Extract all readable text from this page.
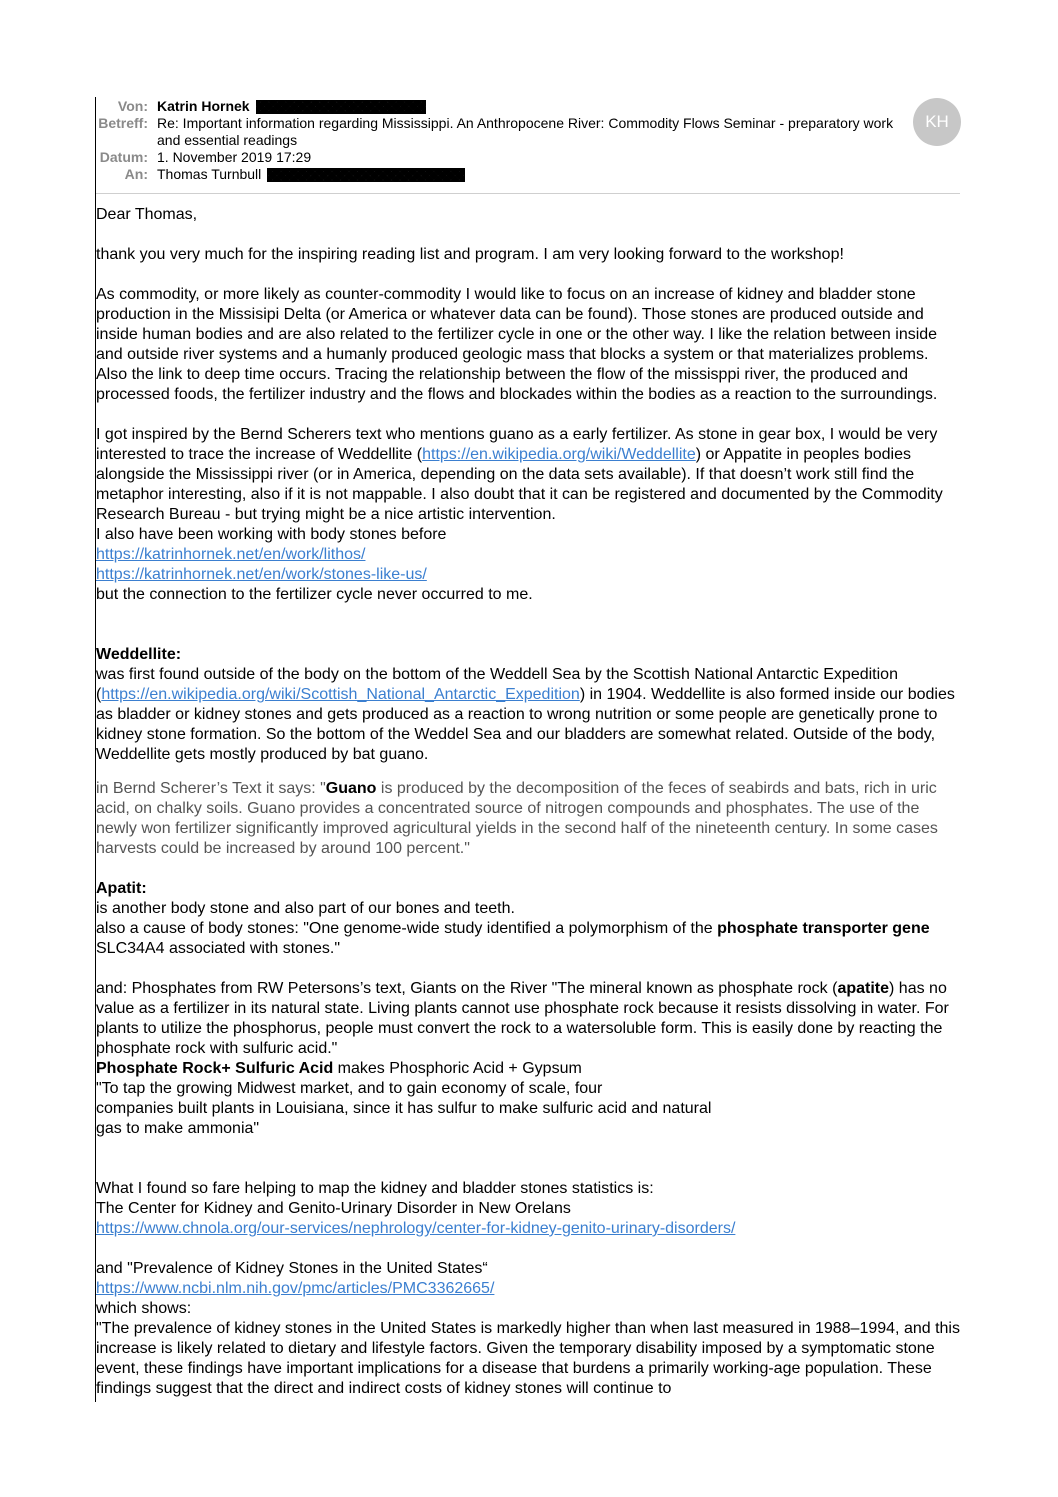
Von: Katrin Hornek
Betreff: Re: Important information regarding Mississippi. An Anthropocene River: Commodity Flows Seminar - preparatory work and essential readings
Datum: 1. November 2019 17:29
An: Thomas Turnbull
KH

Dear Thomas,

thank you very much for the inspiring reading list and program. I am very looking forward to the workshop!

As commodity, or more likely as counter-commodity I would like to focus on an increase of kidney and bladder stone production in the Missisipi Delta (or America or whatever data can be found). Those stones are produced outside and inside human bodies and are also related to the fertilizer cycle in one or the other way. I like the relation between inside and outside river systems and a humanly produced geologic mass that blocks a system or that materializes problems. Also the link to deep time occurs. Tracing the relationship between the flow of the missisppi river, the produced and processed foods, the fertilizer industry and the flows and blockades within the bodies as a reaction to the surroundings.

I got inspired by the Bernd Scherers text who mentions guano as a early fertilizer. As stone in gear box, I would be very interested to trace the increase of Weddellite (https://en.wikipedia.org/wiki/Weddellite) or Appatite in peoples bodies alongside the Mississippi river (or in America, depending on the data sets available). If that doesn’t work still find the metaphor interesting, also if it is not mappable. I also doubt that it can be registered and documented by the Commodity Research Bureau - but trying might be a nice artistic intervention.

I also have been working with body stones before

https://katrinhornek.net/en/work/lithos/

https://katrinhornek.net/en/work/stones-like-us/

but the connection to the fertilizer cycle never occurred to me.

Weddellite:

was first found outside of the body on the bottom of the Weddell Sea by the Scottish National Antarctic Expedition (https://en.wikipedia.org/wiki/Scottish_National_Antarctic_Expedition) in 1904. Weddellite is also formed inside our bodies as bladder or kidney stones and gets produced as a reaction to wrong nutrition or some people are genetically prone to kidney stone formation. So the bottom of the Weddel Sea and our bladders are somewhat related. Outside of the body, Weddellite gets mostly produced by bat guano.

in Bernd Scherer’s Text it says: "Guano is produced by the decomposition of the feces of seabirds and bats, rich in uric acid, on chalky soils. Guano provides a concentrated source of nitrogen compounds and phosphates. The use of the newly won fertilizer significantly improved agricultural yields in the second half of the nineteenth century. In some cases harvests could be increased by around 100 percent."

Apatit:

is another body stone and also part of our bones and teeth.

also a cause of body stones: "One genome-wide study identified a polymorphism of the phosphate transporter gene SLC34A4 associated with stones."

and: Phosphates from RW Petersons’s text, Giants on the River "The mineral known as phosphate rock (apatite) has no value as a fertilizer in its natural state. Living plants cannot use phosphate rock because it resists dissolving in water. For plants to utilize the phosphorus, people must convert the rock to a watersoluble form. This is easily done by reacting the phosphate rock with sulfuric acid."

Phosphate Rock+ Sulfuric Acid makes Phosphoric Acid + Gypsum

"To tap the growing Midwest market, and to gain economy of scale, four

companies built plants in Louisiana, since it has sulfur to make sulfuric acid and natural

gas to make ammonia"

What I found so fare helping to map the kidney and bladder stones statistics is:

The Center for Kidney and Genito-Urinary Disorder in New Orelans

https://www.chnola.org/our-services/nephrology/center-for-kidney-genito-urinary-disorders/

and "Prevalence of Kidney Stones in the United States“

https://www.ncbi.nlm.nih.gov/pmc/articles/PMC3362665/

which shows:

"The prevalence of kidney stones in the United States is markedly higher than when last measured in 1988–1994, and this increase is likely related to dietary and lifestyle factors. Given the temporary disability imposed by a symptomatic stone event, these findings have important implications for a disease that burdens a primarily working-age population. These findings suggest that the direct and indirect costs of kidney stones will continue to
